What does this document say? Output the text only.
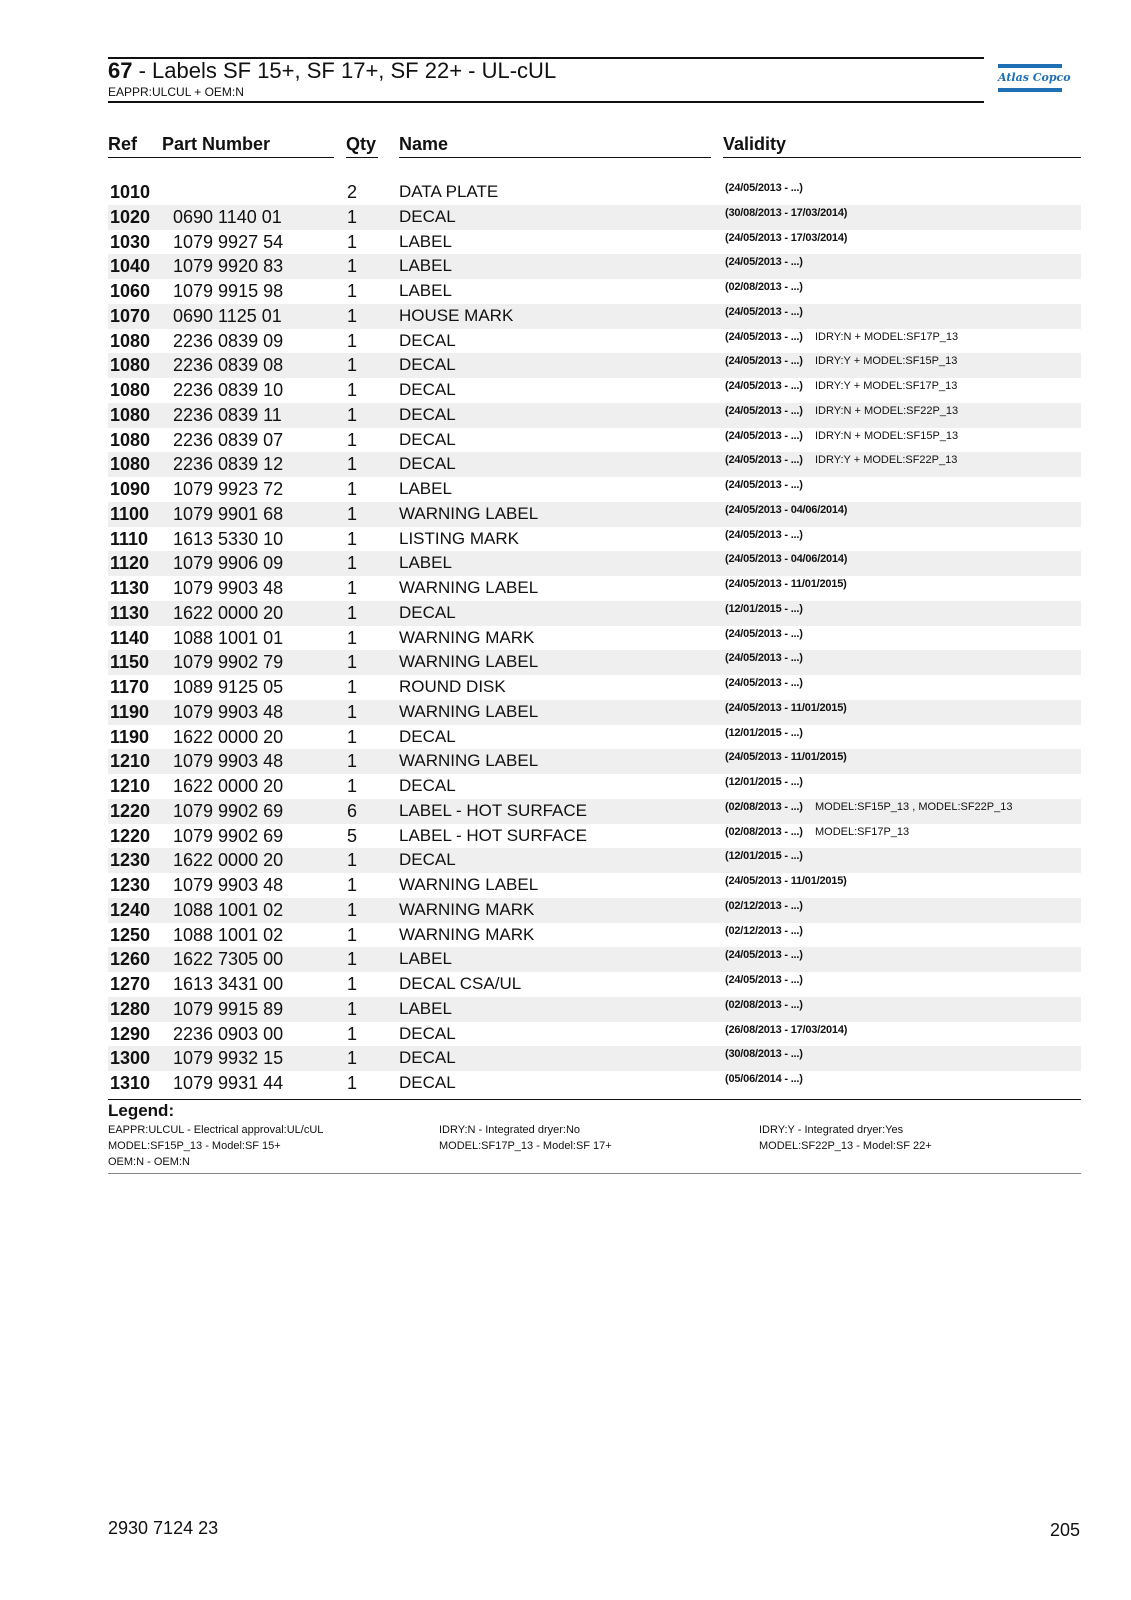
67 - Labels SF 15+, SF 17+, SF 22+ - UL-cUL
EAPPR:ULCUL + OEM:N
Atlas Copco
Ref Part Number	Qty Name	Validity
1010	2 DATA PLATE	(24/05/2013 - ...)
1020 0690 1140 01	1 DECAL	(30/08/2013 - 17/03/2014)
1030 1079 9927 54	1 LABEL	(24/05/2013 - 17/03/2014)
1040 1079 9920 83	1 LABEL	(24/05/2013 - ...)
1060 1079 9915 98	1 LABEL	(02/08/2013 - ...)
1070 0690 1125 01	1 HOUSE MARK	(24/05/2013 - ...)
1080 2236 0839 09	1 DECAL	(24/05/2013 - ...) IDRY:N + MODEL:SF17P_13
1080 2236 0839 08	1 DECAL	(24/05/2013 - ...) IDRY:Y + MODEL:SF15P_13
1080 2236 0839 10	1 DECAL	(24/05/2013 - ...) IDRY:Y + MODEL:SF17P_13
1080 2236 0839 11	1 DECAL	(24/05/2013 - ...) IDRY:N + MODEL:SF22P_13
1080 2236 0839 07	1 DECAL	(24/05/2013 - ...) IDRY:N + MODEL:SF15P_13
1080 2236 0839 12	1 DECAL	(24/05/2013 - ...) IDRY:Y + MODEL:SF22P_13
1090 1079 9923 72	1 LABEL	(24/05/2013 - ...)
1100 1079 9901 68	1 WARNING LABEL	(24/05/2013 - 04/06/2014)
1110 1613 5330 10	1 LISTING MARK	(24/05/2013 - ...)
1120 1079 9906 09	1 LABEL	(24/05/2013 - 04/06/2014)
1130 1079 9903 48	1 WARNING LABEL	(24/05/2013 - 11/01/2015)
1130 1622 0000 20	1 DECAL	(12/01/2015 - ...)
1140 1088 1001 01	1 WARNING MARK	(24/05/2013 - ...)
1150 1079 9902 79	1 WARNING LABEL	(24/05/2013 - ...)
1170 1089 9125 05	1 ROUND DISK	(24/05/2013 - ...)
1190 1079 9903 48	1 WARNING LABEL	(24/05/2013 - 11/01/2015)
1190 1622 0000 20	1 DECAL	(12/01/2015 - ...)
1210 1079 9903 48	1 WARNING LABEL	(24/05/2013 - 11/01/2015)
1210 1622 0000 20	1 DECAL	(12/01/2015 - ...)
1220 1079 9902 69	6 LABEL - HOT SURFACE	(02/08/2013 - ...) MODEL:SF15P_13 , MODEL:SF22P_13
1220 1079 9902 69	5 LABEL - HOT SURFACE	(02/08/2013 - ...) MODEL:SF17P_13
1230 1622 0000 20	1 DECAL	(12/01/2015 - ...)
1230 1079 9903 48	1 WARNING LABEL	(24/05/2013 - 11/01/2015)
1240 1088 1001 02	1 WARNING MARK	(02/12/2013 - ...)
1250 1088 1001 02	1 WARNING MARK	(02/12/2013 - ...)
1260 1622 7305 00	1 LABEL	(24/05/2013 - ...)
1270 1613 3431 00	1 DECAL CSA/UL	(24/05/2013 - ...)
1280 1079 9915 89	1 LABEL	(02/08/2013 - ...)
1290 2236 0903 00	1 DECAL	(26/08/2013 - 17/03/2014)
1300 1079 9932 15	1 DECAL	(30/08/2013 - ...)
1310 1079 9931 44	1 DECAL	(05/06/2014 - ...)
Legend:
EAPPR:ULCUL - Electrical approval:UL/cUL
MODEL:SF15P_13 - Model:SF 15+
OEM:N - OEM:N
IDRY:N - Integrated dryer:No
MODEL:SF17P_13 - Model:SF 17+
IDRY:Y - Integrated dryer:Yes
MODEL:SF22P_13 - Model:SF 22+
2930 7124 23	205
